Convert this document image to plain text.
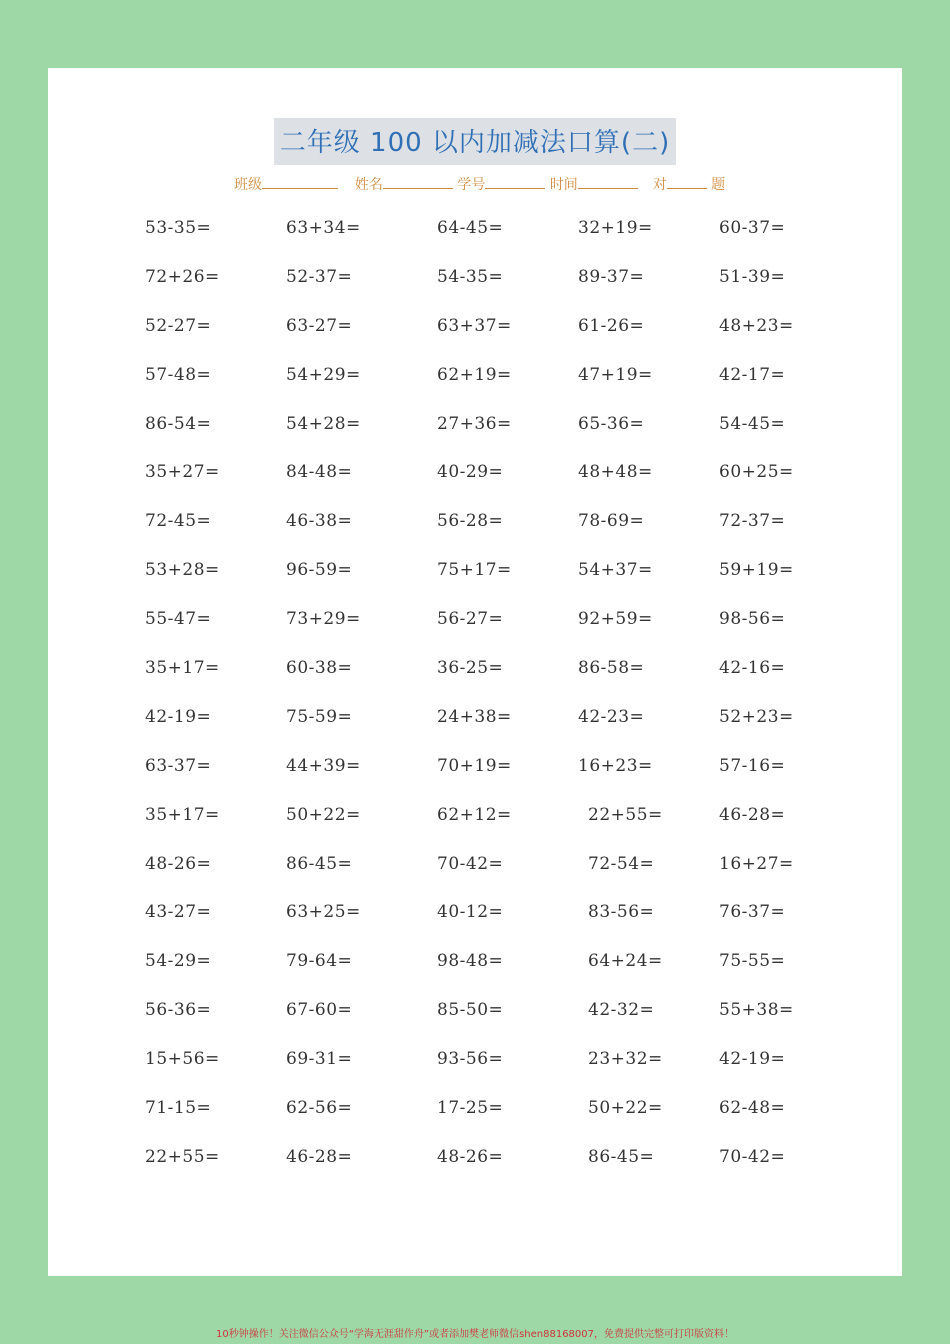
二年级 100 以内加减法口算(二)
班级	姓名	学号	时间	对	题
53-35=	63+34=	64-45=	32+19=	60-37=
72+26=	52-37=	54-35=	89-37=	51-39=
52-27=	63-27=	63+37=	61-26=	48+23=
57-48=	54+29=	62+19=	47+19=	42-17=
86-54=	54+28=	27+36=	65-36=	54-45=
35+27=	84-48=	40-29=	48+48=	60+25=
72-45=	46-38=	56-28=	78-69=	72-37=
53+28=	96-59=	75+17=	54+37=	59+19=
55-47=	73+29=	56-27=	92+59=	98-56=
35+17=	60-38=	36-25=	86-58=	42-16=
42-19=	75-59=	24+38=	42-23=	52+23=
63-37=	44+39=	70+19=	16+23=	57-16=
35+17=	50+22=	62+12=	22+55=	46-28=
48-26=	86-45=	70-42=	72-54=	16+27=
43-27=	63+25=	40-12=	83-56=	76-37=
54-29=	79-64=	98-48=	64+24=	75-55=
56-36=	67-60=	85-50=	42-32=	55+38=
15+56=	69-31=	93-56=	23+32=	42-19=
71-15=	62-56=	17-25=	50+22=	62-48=
22+55=	46-28=	48-26=	86-45=	70-42=
10秒钟操作！关注微信公众号“学海无涯甜作舟”或者添加樊老师微信shen88168007，免费提供完整可打印版资料！
